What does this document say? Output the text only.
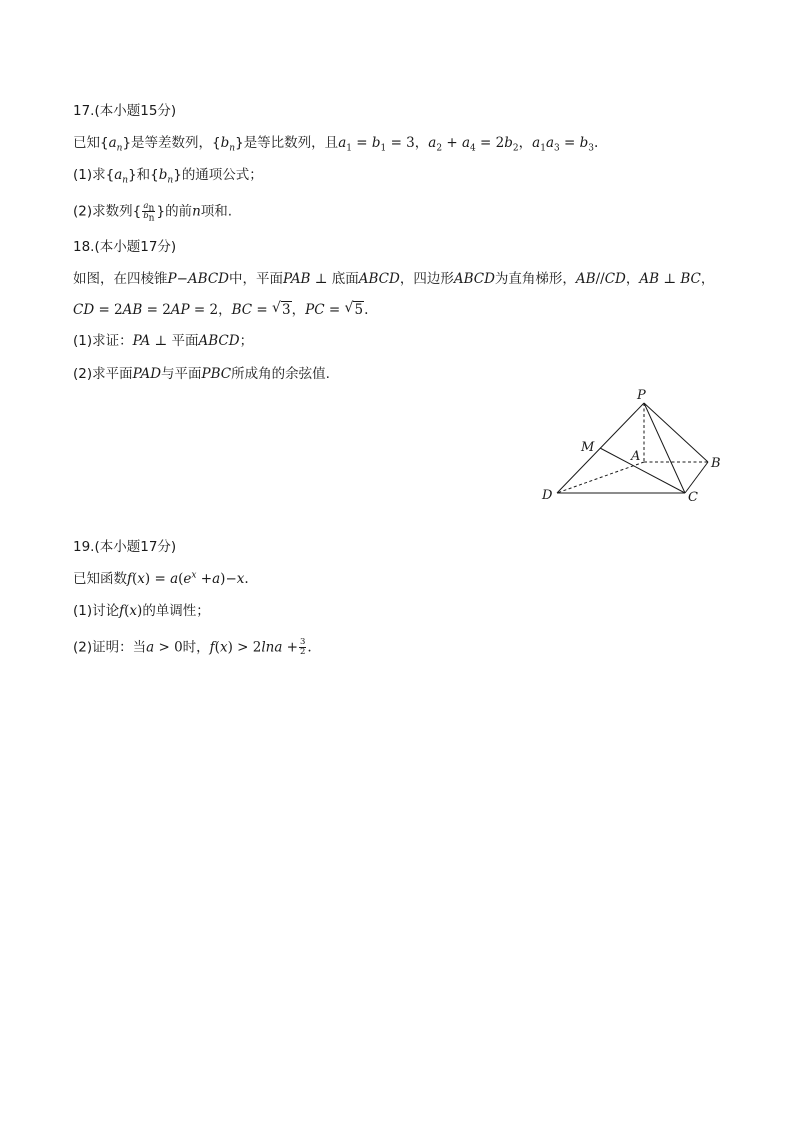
17.(本小题15分)
已知$\{a_n\}$是等差数列，$\{b_n\}$是等比数列，且$a_1 = b_1 = 3$，$a_2 + a_4 = 2b_2$，$a_1a_3 = b_3$.
(1)求$\{a_n\}$和$\{b_n\}$的通项公式；
(2)求数列{ $\frac{a_n}{b_n}$ }的前n项和.
18.(本小题17分)
如图，在四棱锥P−ABCD中，平面PAB ⊥ 底面ABCD，四边形ABCD为直角梯形，AB//CD，AB ⊥ BC，
CD = 2AB = 2AP = 2，BC = √ 3，PC = √ 5.
(1)求证：PA ⊥ 平面ABCD；
(2)求平面PAD与平面PBC所成角的余弦值.
P
M
A	B
C
D
19.(本小题17分)
已知函数$f(x) = a(e^x +a)-x$.
(1)讨论f(x)的单调性；
(2)证明：当a > 0时，$f(x) > 2\ln a + \frac{3}{2}$ .
